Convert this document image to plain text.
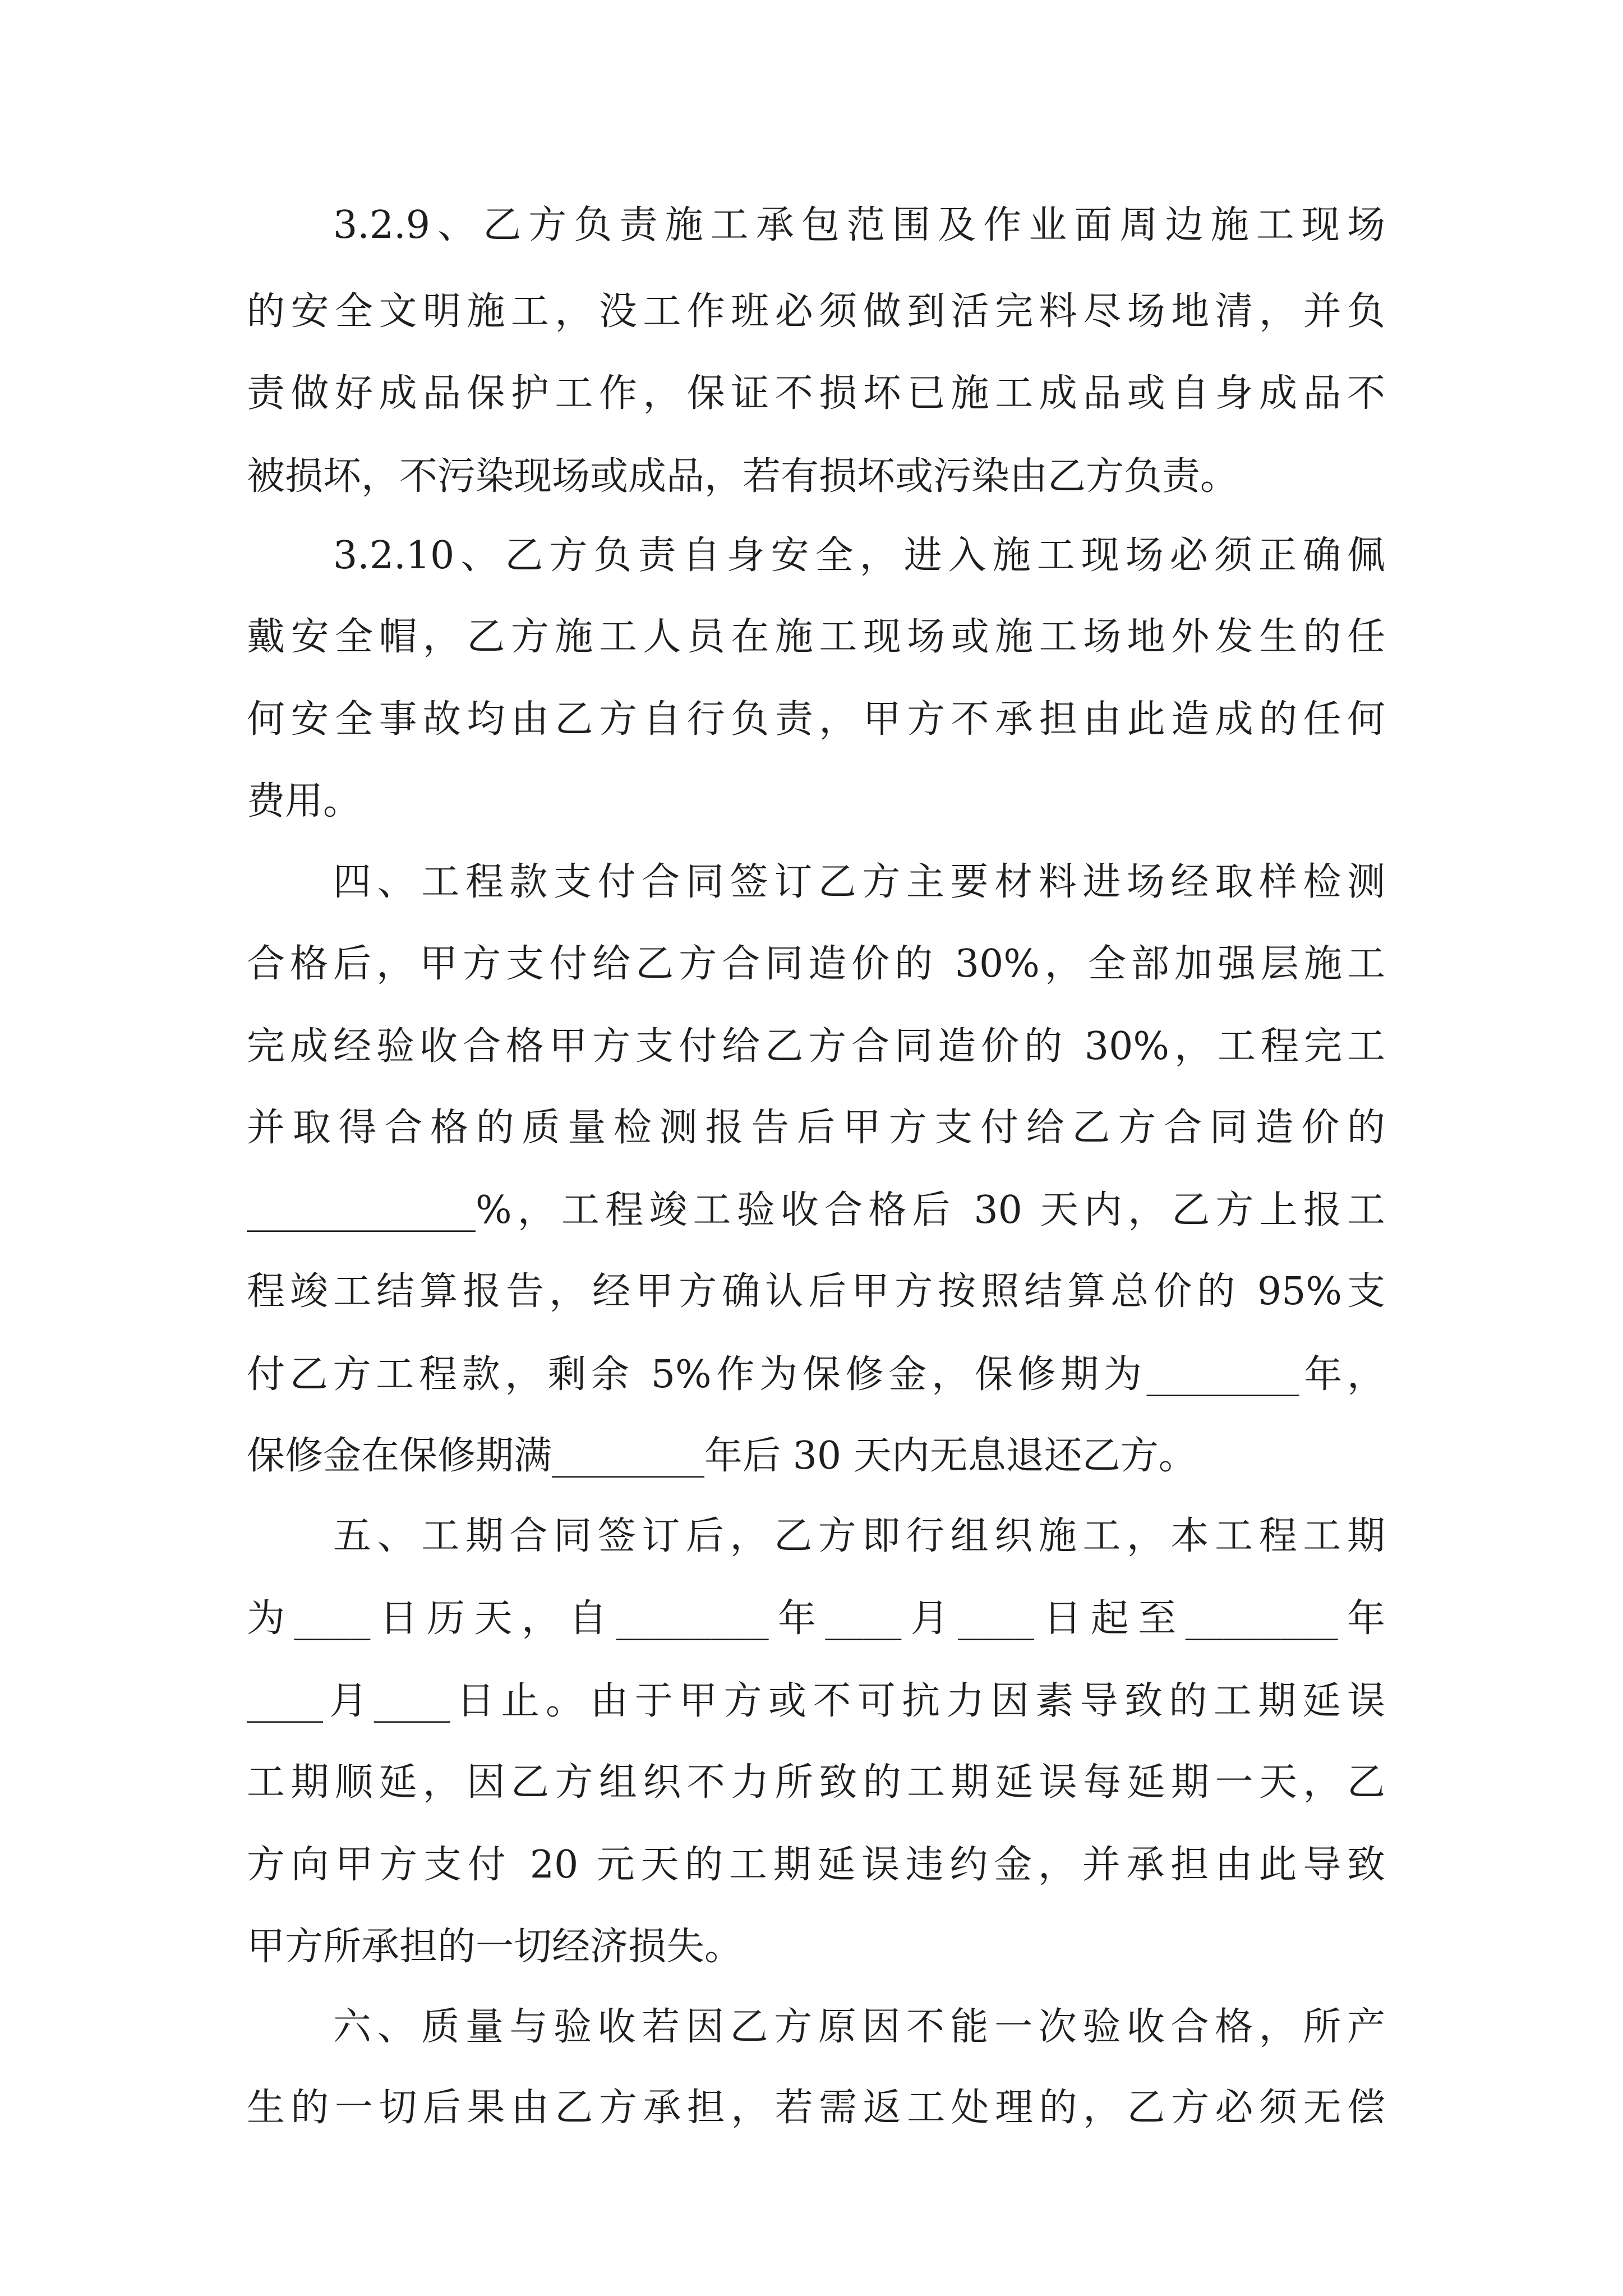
3.2.9、乙方负责施工承包范围及作业面周边施工现场
的安全文明施工，没工作班必须做到活完料尽场地清，并负
责做好成品保护工作，保证不损坏已施工成品或自身成品不
被损坏，不污染现场或成品，若有损坏或污染由乙方负责。
3.2.10、乙方负责自身安全，进入施工现场必须正确佩
戴安全帽，乙方施工人员在施工现场或施工场地外发生的任
何安全事故均由乙方自行负责，甲方不承担由此造成的任何
费用。
四、工程款支付合同签订乙方主要材料进场经取样检测
合格后，甲方支付给乙方合同造价的 30%，全部加强层施工
完成经验收合格甲方支付给乙方合同造价的 30%，工程完工
并取得合格的质量检测报告后甲方支付给乙方合同造价的
____________%，工程竣工验收合格后 30 天内，乙方上报工
程竣工结算报告，经甲方确认后甲方按照结算总价的 95%支
付乙方工程款，剩余 5%作为保修金，保修期为________年，
保修金在保修期满________年后 30 天内无息退还乙方。
五、工期合同签订后，乙方即行组织施工，本工程工期
为____日历天，自________年____月____日起至________年
____月____日止。由于甲方或不可抗力因素导致的工期延误
工期顺延，因乙方组织不力所致的工期延误每延期一天，乙
方向甲方支付 20 元天的工期延误违约金，并承担由此导致
甲方所承担的一切经济损失。
六、质量与验收若因乙方原因不能一次验收合格，所产
生的一切后果由乙方承担，若需返工处理的，乙方必须无偿
